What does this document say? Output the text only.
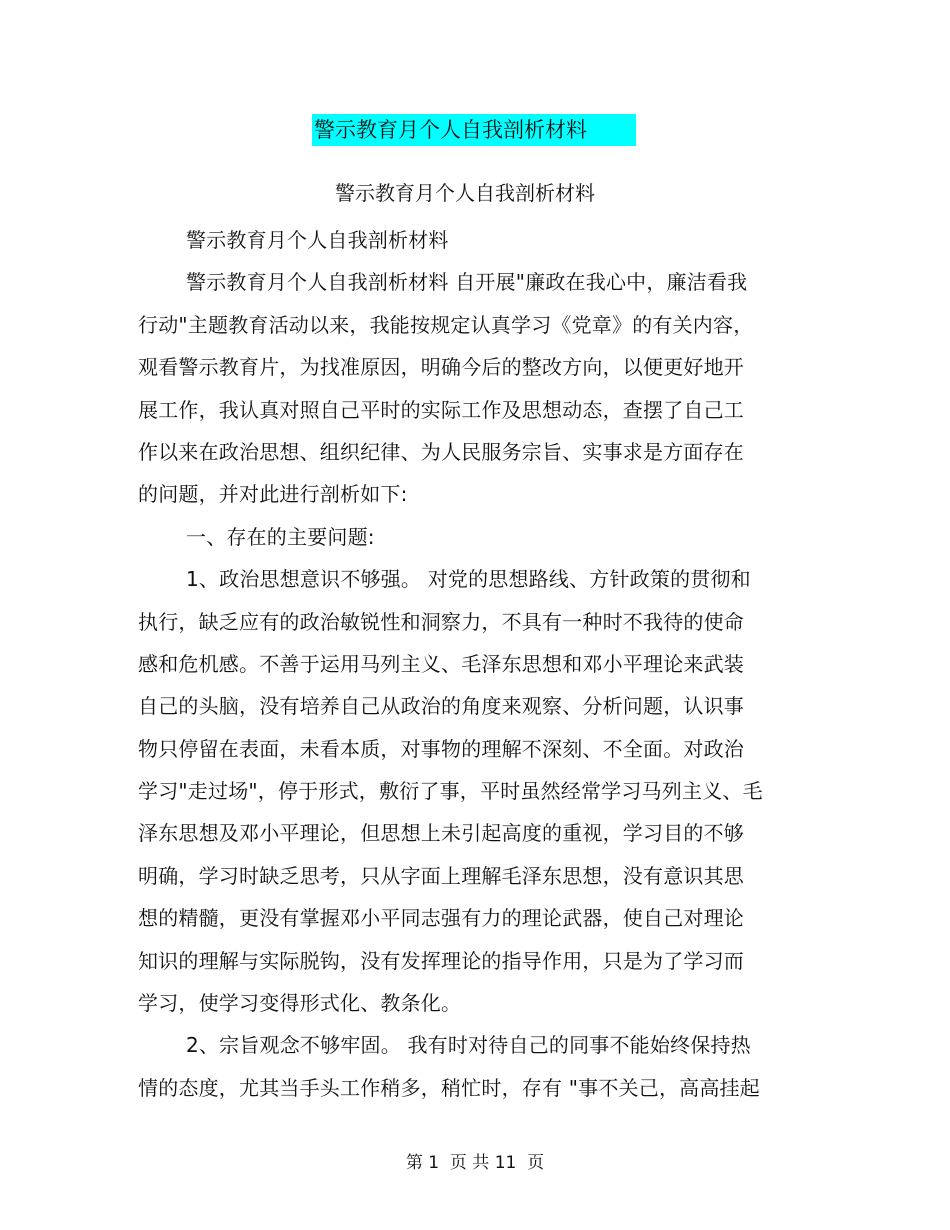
警示教育月个人自我剖析材料
警示教育月个人自我剖析材料
警示教育月个人自我剖析材料
警示教育月个人自我剖析材料 自开展"廉政在我心中，廉洁看我
行动"主题教育活动以来，我能按规定认真学习《党章》的有关内容，
观看警示教育片，为找准原因，明确今后的整改方向，以便更好地开
展工作，我认真对照自己平时的实际工作及思想动态，查摆了自己工
作以来在政治思想、组织纪律、为人民服务宗旨、实事求是方面存在
的问题，并对此进行剖析如下:
一、存在的主要问题:
1、政治思想意识不够强。 对党的思想路线、方针政策的贯彻和
执行，缺乏应有的政治敏锐性和洞察力，不具有一种时不我待的使命
感和危机感。不善于运用马列主义、毛泽东思想和邓小平理论来武装
自己的头脑，没有培养自己从政治的角度来观察、分析问题，认识事
物只停留在表面，未看本质，对事物的理解不深刻、不全面。对政治
学习"走过场"，停于形式，敷衍了事，平时虽然经常学习马列主义、毛
泽东思想及邓小平理论，但思想上未引起高度的重视，学习目的不够
明确，学习时缺乏思考，只从字面上理解毛泽东思想，没有意识其思
想的精髓，更没有掌握邓小平同志强有力的理论武器，使自己对理论
知识的理解与实际脱钩，没有发挥理论的指导作用，只是为了学习而
学习，使学习变得形式化、教条化。
2、宗旨观念不够牢固。 我有时对待自己的同事不能始终保持热
情的态度，尤其当手头工作稍多，稍忙时，存有 "事不关己，高高挂起
第 1  页 共 11  页
